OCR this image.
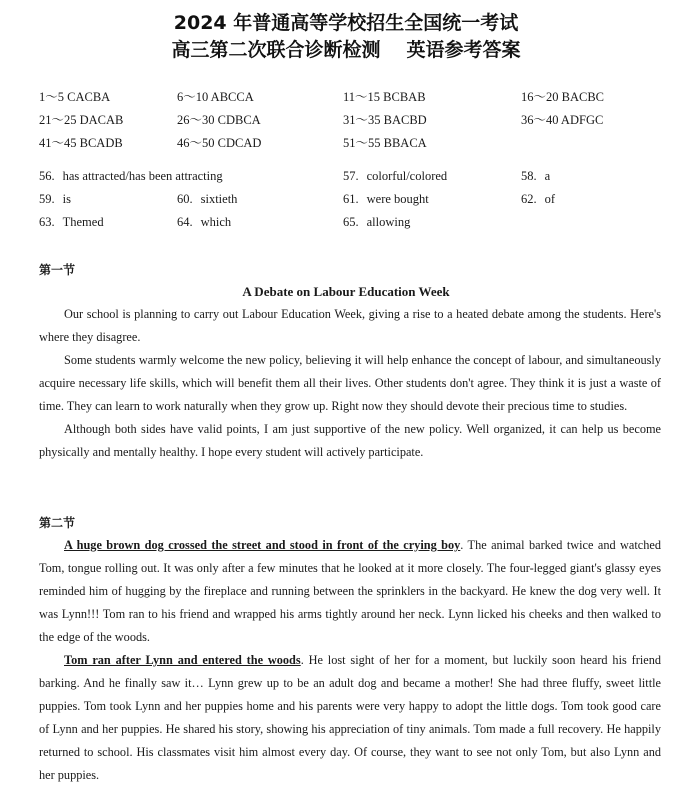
2024 年普通高等学校招生全国统一考试
高三第二次联合诊断检测 英语参考答案
1～5 CACBA	6～10 ABCCA	11～15 BCBAB	16～20 BACBC
21～25 DACAB	26～30 CDBCA	31～35 BACBD	36～40 ADFGC
41～45 BCADB	46～50 CDCAD	51～55 BBACA
56. has attracted/has been attracting	57. colorful/colored	58. a
59. is	60. sixtieth	61. were bought	62. of
63. Themed	64. which	65. allowing
第一节
A Debate on Labour Education Week

Our school is planning to carry out Labour Education Week, giving a rise to a heated debate among the students. Here's where they disagree.

Some students warmly welcome the new policy, believing it will help enhance the concept of labour, and simultaneously acquire necessary life skills, which will benefit them all their lives. Other students don't agree. They think it is just a waste of time. They can learn to work naturally when they grow up. Right now they should devote their precious time to studies.

Although both sides have valid points, I am just supportive of the new policy. Well organized, it can help us become physically and mentally healthy. I hope every student will actively participate.

第二节

A huge brown dog crossed the street and stood in front of the crying boy. The animal barked twice and watched Tom, tongue rolling out. It was only after a few minutes that he looked at it more closely. The four-legged giant's glassy eyes reminded him of hugging by the fireplace and running between the sprinklers in the backyard. He knew the dog very well. It was Lynn!!! Tom ran to his friend and wrapped his arms tightly around her neck. Lynn licked his cheeks and then walked to the edge of the woods.

Tom ran after Lynn and entered the woods. He lost sight of her for a moment, but luckily soon heard his friend barking. And he finally saw it… Lynn grew up to be an adult dog and became a mother! She had three fluffy, sweet little puppies. Tom took Lynn and her puppies home and his parents were very happy to adopt the little dogs. Tom took good care of Lynn and her puppies. He shared his story, showing his appreciation of tiny animals. Tom made a full recovery. He happily returned to school. His classmates visit him almost every day. Of course, they want to see not only Tom, but also Lynn and her puppies.
